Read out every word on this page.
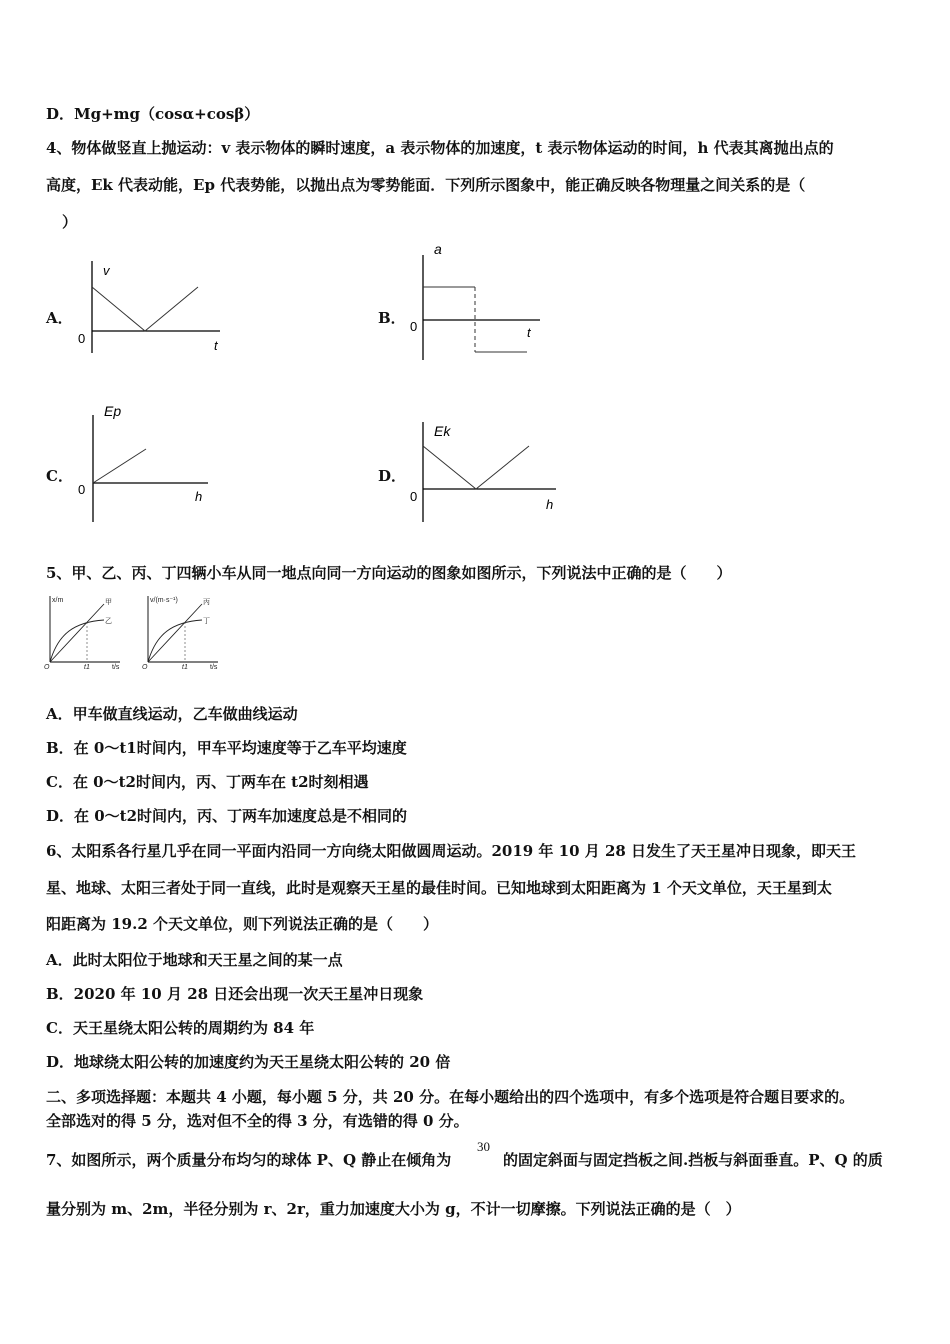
D．Mg+mg（cosα+cosβ）
4、物体做竖直上抛运动：v 表示物体的瞬时速度，a 表示物体的加速度，t 表示物体运动的时间，h 代表其离抛出点的
高度，Ek 代表动能，Ep 代表势能，以抛出点为零势能面．下列所示图象中，能正确反映各物理量之间关系的是（
）
A．
v
0	t
B．
a
0	t
C．
Ep
0	h
D．
Ek
0
h
5、甲、乙、丙、丁四辆小车从同一地点向同一方向运动的图象如图所示，下列说法中正确的是（　　）
x/m	甲
乙
O	t1	t/s
v/(m·s⁻¹)	丙
丁
O	t1	t/s
A．甲车做直线运动，乙车做曲线运动
B．在 0～t1时间内，甲车平均速度等于乙车平均速度
C．在 0～t2时间内，丙、丁两车在 t2时刻相遇
D．在 0～t2时间内，丙、丁两车加速度总是不相同的
6、太阳系各行星几乎在同一平面内沿同一方向绕太阳做圆周运动。2019 年 10 月 28 日发生了天王星冲日现象，即天王
星、地球、太阳三者处于同一直线，此时是观察天王星的最佳时间。已知地球到太阳距离为 1 个天文单位，天王星到太
阳距离为 19.2 个天文单位，则下列说法正确的是（　　）
A．此时太阳位于地球和天王星之间的某一点
B．2020 年 10 月 28 日还会出现一次天王星冲日现象
C．天王星绕太阳公转的周期约为 84 年
D．地球绕太阳公转的加速度约为天王星绕太阳公转的 20 倍
二、多项选择题：本题共 4 小题，每小题 5 分，共 20 分。在每小题给出的四个选项中，有多个选项是符合题目要求的。
全部选对的得 5 分，选对但不全的得 3 分，有选错的得 0 分。
7、如图所示，两个质量分布均匀的球体 P、Q 静止在倾角为
30
的固定斜面与固定挡板之间.挡板与斜面垂直。P、Q 的质
量分别为 m、2m，半径分别为 r、2r，重力加速度大小为 g，不计一切摩擦。下列说法正确的是（　）
